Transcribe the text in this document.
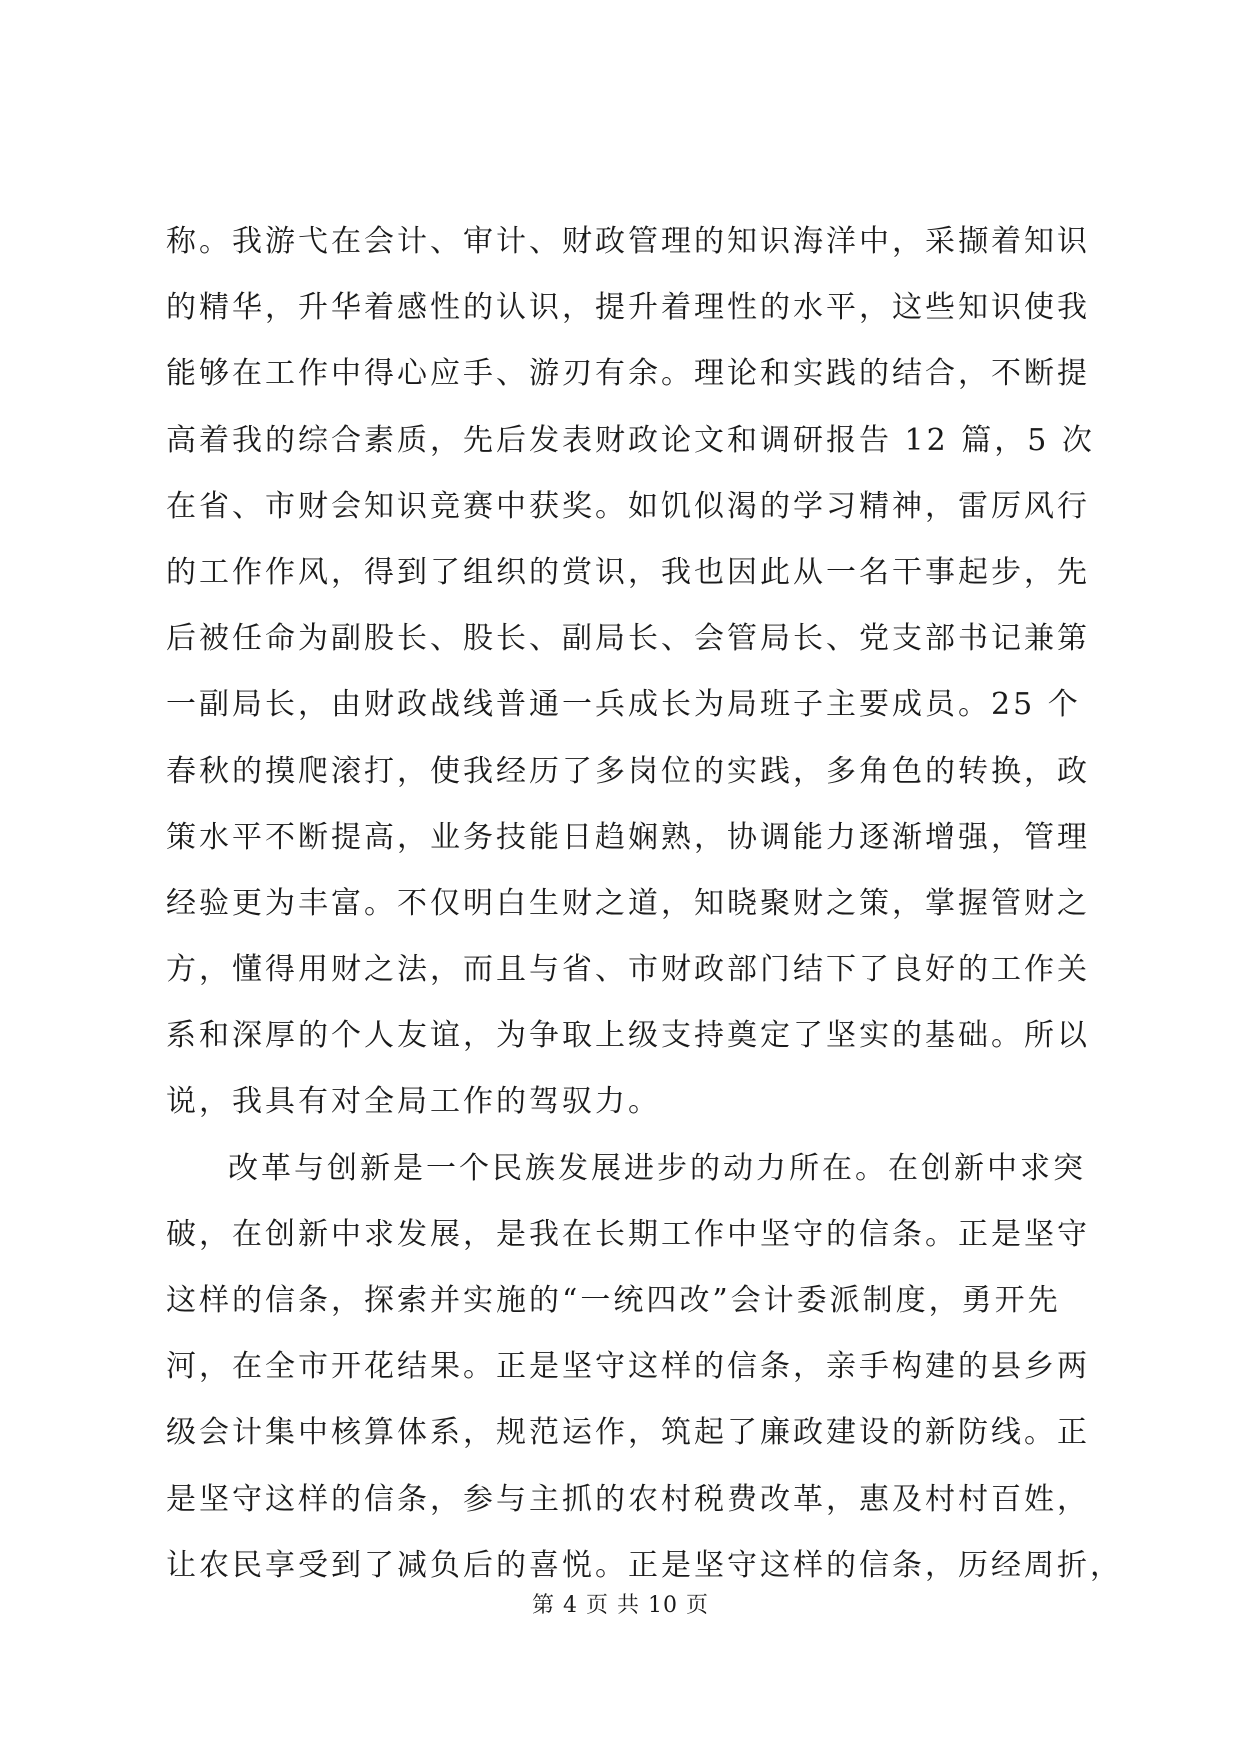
称。我游弋在会计、审计、财政管理的知识海洋中，采撷着知识
的精华，升华着感性的认识，提升着理性的水平，这些知识使我
能够在工作中得心应手、游刃有余。理论和实践的结合，不断提
高着我的综合素质，先后发表财政论文和调研报告 12 篇，5 次
在省、市财会知识竞赛中获奖。如饥似渴的学习精神，雷厉风行
的工作作风，得到了组织的赏识，我也因此从一名干事起步，先
后被任命为副股长、股长、副局长、会管局长、党支部书记兼第
一副局长，由财政战线普通一兵成长为局班子主要成员。25 个
春秋的摸爬滚打，使我经历了多岗位的实践，多角色的转换，政
策水平不断提高，业务技能日趋娴熟，协调能力逐渐增强，管理
经验更为丰富。不仅明白生财之道，知晓聚财之策，掌握管财之
方，懂得用财之法，而且与省、市财政部门结下了良好的工作关
系和深厚的个人友谊，为争取上级支持奠定了坚实的基础。所以
说，我具有对全局工作的驾驭力。
改革与创新是一个民族发展进步的动力所在。在创新中求突
破，在创新中求发展，是我在长期工作中坚守的信条。正是坚守
这样的信条，探索并实施的“一统四改”会计委派制度，勇开先
河，在全市开花结果。正是坚守这样的信条，亲手构建的县乡两
级会计集中核算体系，规范运作，筑起了廉政建设的新防线。正
是坚守这样的信条，参与主抓的农村税费改革，惠及村村百姓，
让农民享受到了减负后的喜悦。正是坚守这样的信条，历经周折，
第 4 页 共 10 页
